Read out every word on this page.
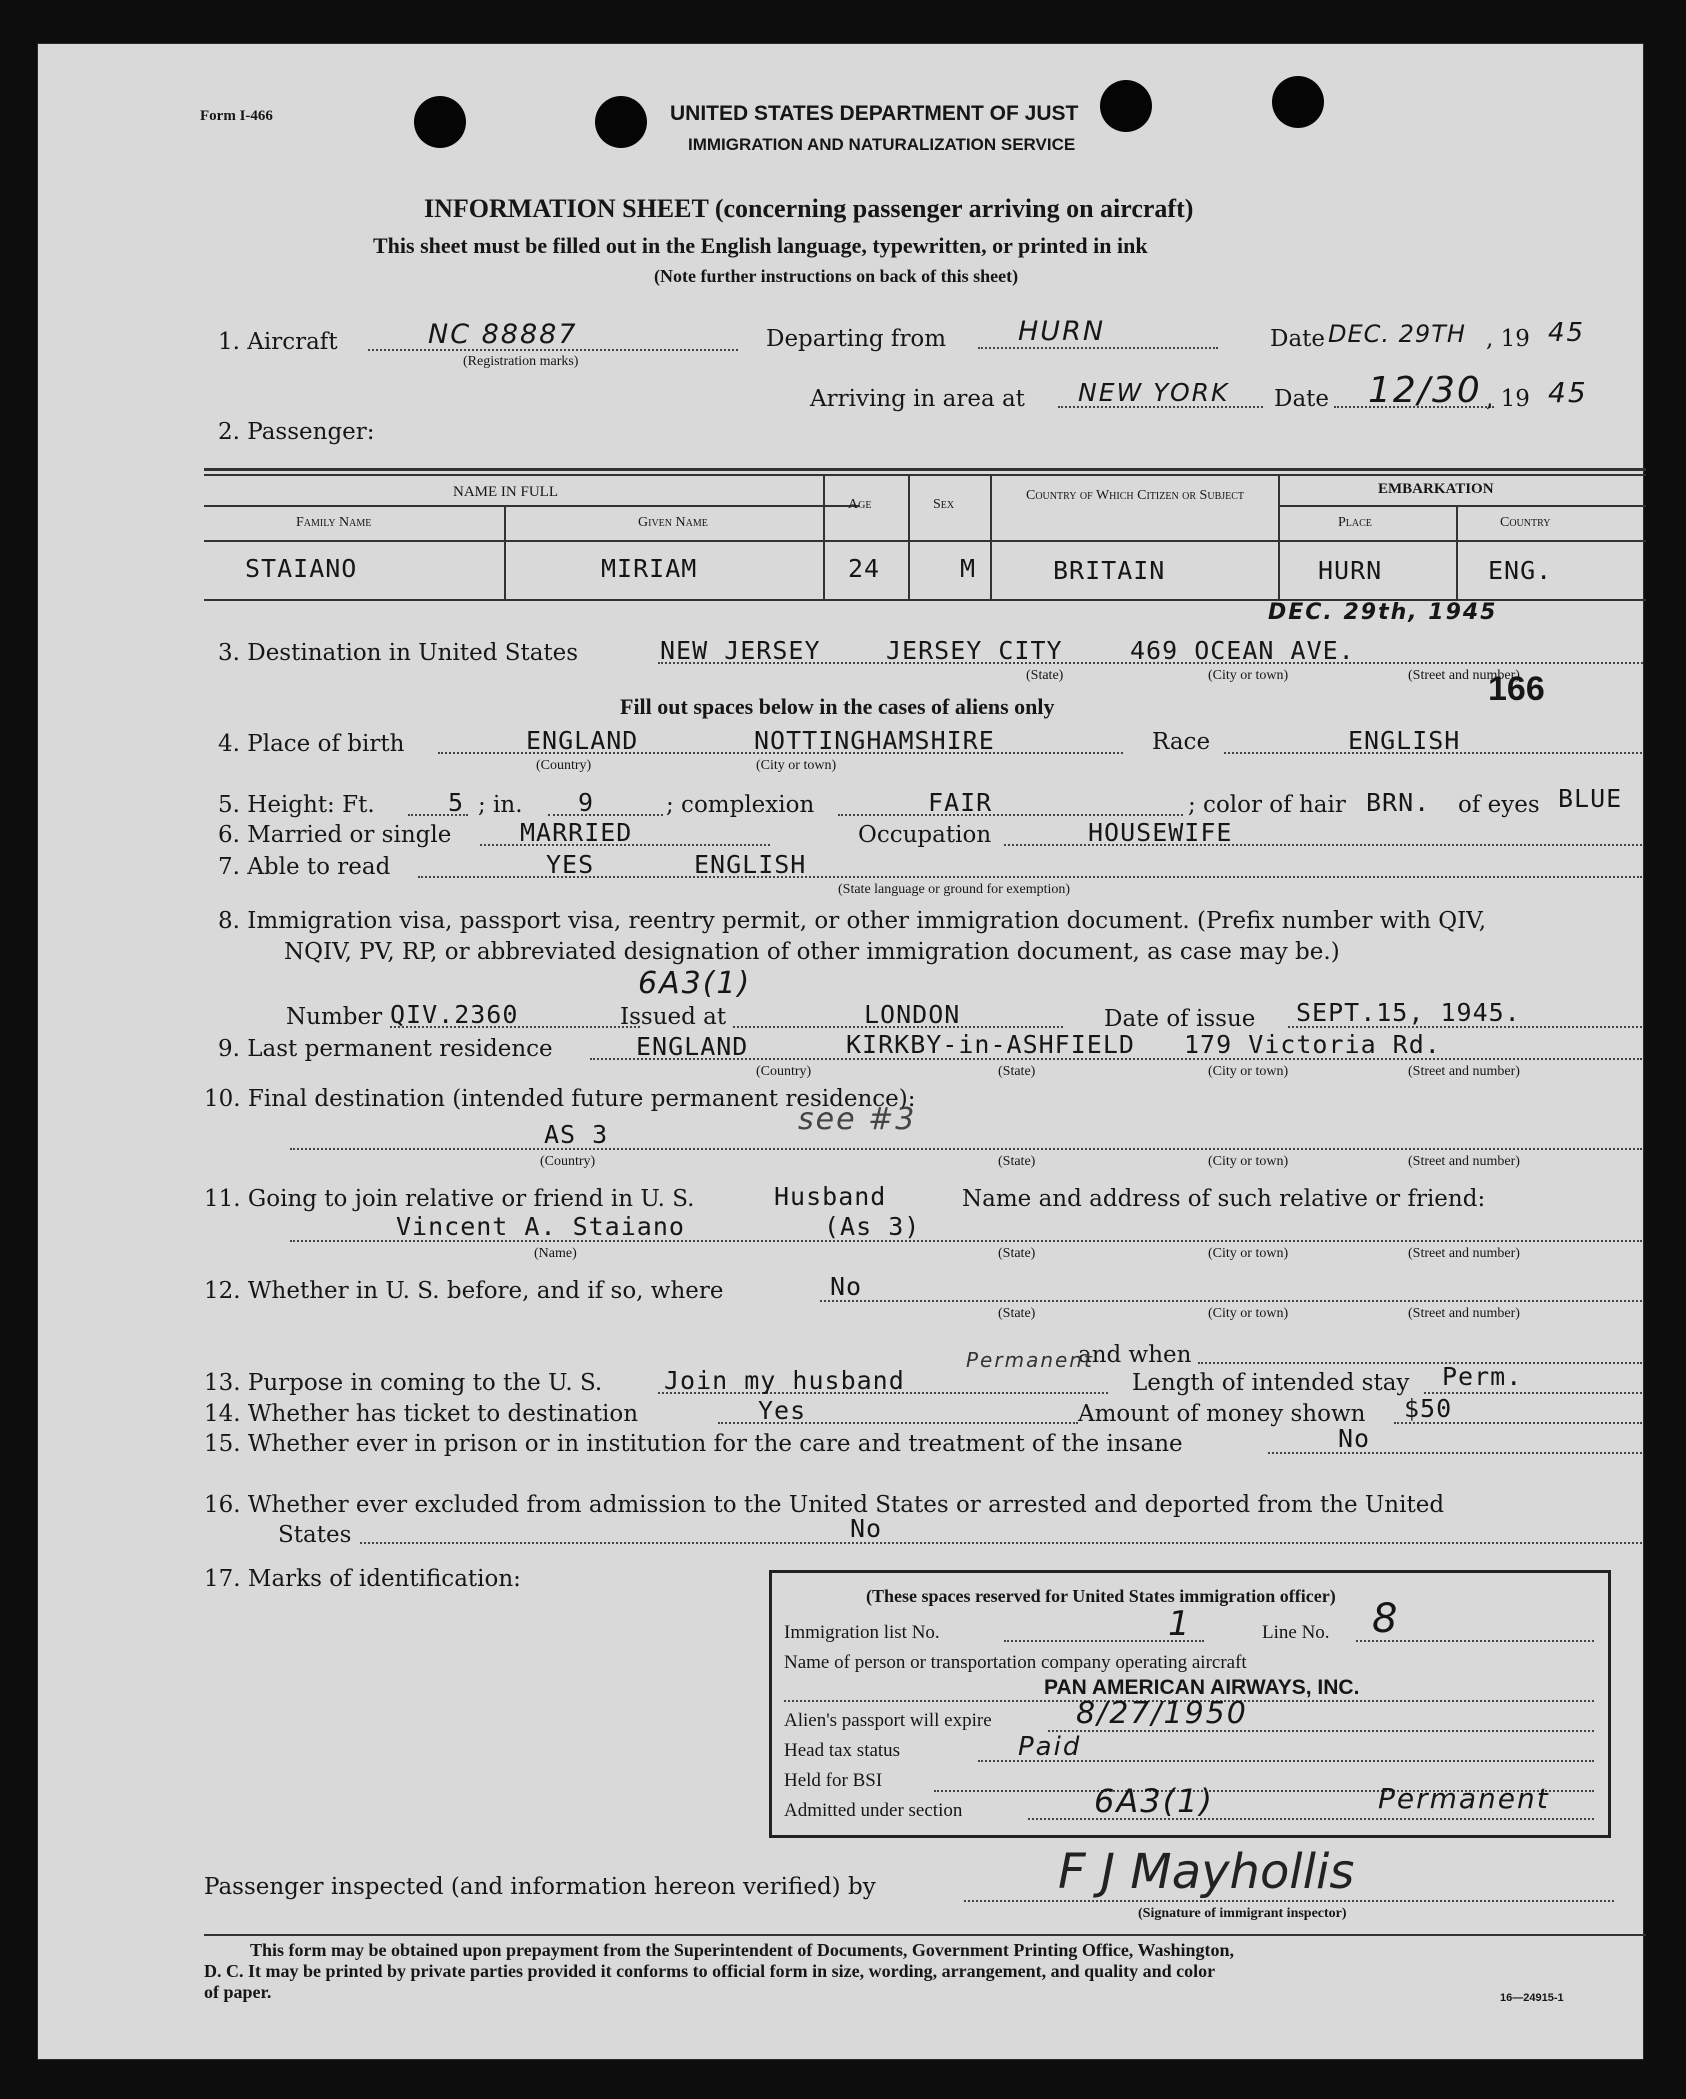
Form I-466	UNITED STATES DEPARTMENT OF JUST
IMMIGRATION AND NATURALIZATION SERVICE
INFORMATION SHEET (concerning passenger arriving on aircraft)
This sheet must be filled out in the English language, typewritten, or printed in ink
(Note further instructions on back of this sheet)
1. Aircraft	NC 88887
(Registration marks)
Departing from	HURN	Date DEC. 29TH , 19 45
Arriving in area at NEW YORK Date 12/30 , 19 45
2. Passenger:
NAME IN FULL
Family Name	Given Name
Age	Sex
Country of Which Citizen or Subject	EMBARKATION
Place	Country
STAIANO	MIRIAM	24	M	BRITAIN	HURN	ENG.
DEC. 29th, 1945
3. Destination in United States	NEW JERSEY	JERSEY CITY	469 OCEAN AVE.
(State)	(City or town)	(Street and number)
166
Fill out spaces below in the cases of aliens only
4. Place of birth	ENGLAND	NOTTINGHAMSHIRE
(Country)	(City or town)
Race	ENGLISH
5. Height: Ft.	5 ; in. 9	; complexion	FAIR	; color of hair BRN. of eyes BLUE
6. Married or single	MARRIED	Occupation	HOUSEWIFE
7. Able to read	YES	ENGLISH
(State language or ground for exemption)
8. Immigration visa, passport visa, reentry permit, or other immigration document. (Prefix number with QIV,
NQIV, PV, RP, or abbreviated designation of other immigration document, as case may be.)
6A3(1)
Number QIV.2360	Issued at	LONDON	Date of issue SEPT.15, 1945.
9. Last permanent residence	ENGLAND	KIRKBY-in-ASHFIELD 179 Victoria Rd.
(Country)	(State)	(City or town)	(Street and number)
10. Final destination (intended future permanent residence):
AS 3	see #3
(Country)	(State)	(City or town)	(Street and number)
11. Going to join relative or friend in U. S.	Husband	Name and address of such relative or friend:
Vincent A. Staiano	(As 3)
(Name)	(State)	(City or town)	(Street and number)
12. Whether in U. S. before, and if so, where	No
(State)	(City or town)	(Street and number)
and when
13. Purpose in coming to the U. S. Join my husband
Permanent
Length of intended stay Perm.
14. Whether has ticket to destination	Yes	Amount of money shown $50
15. Whether ever in prison or in institution for the care and treatment of the insane	No
16. Whether ever excluded from admission to the United States or arrested and deported from the United
States	No
17. Marks of identification:
(These spaces reserved for United States immigration officer)
Immigration list No.	1	Line No. 8
Name of person or transportation company operating aircraft
PAN AMERICAN AIRWAYS, INC.
Alien's passport will expire	8/27/1950
Head tax status	Paid
Held for BSI
Admitted under section	6A3(1)	Permanent
Passenger inspected (and information hereon verified) by	F J Mayhollis
(Signature of immigrant inspector)
This form may be obtained upon prepayment from the Superintendent of Documents, Government Printing Office, Washington,
D. C. It may be printed by private parties provided it conforms to official form in size, wording, arrangement, and quality and color
of paper.	16—24915-1
